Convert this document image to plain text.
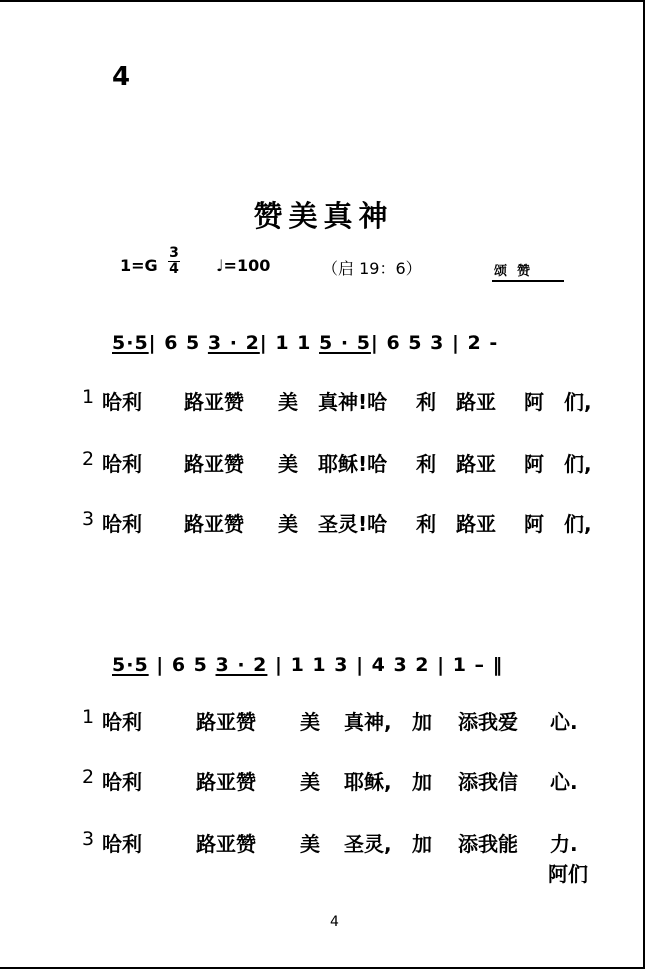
4
赞美真神
1=G
3
4 ♩=100	（启 19：6）	颂赞
5·5| 6 5 3 · 2| 1 1 5 · 5| 6 5 3 | 2 -
1 哈利 路亚赞 美 真神!哈 利 路亚 阿 们,
2 哈利 路亚赞 美 耶稣!哈 利 路亚 阿 们,
3 哈利 路亚赞 美 圣灵!哈 利 路亚 阿 们,
5·5 | 6 5 3 · 2 | 1 1 3 | 4 3 2 | 1 – ‖
1 哈利	路亚赞 美 真神, 加 添我爱 心.
2 哈利	路亚赞 美 耶稣, 加 添我信 心.
3 哈利	路亚赞 美 圣灵, 加 添我能 力.
阿们
4
